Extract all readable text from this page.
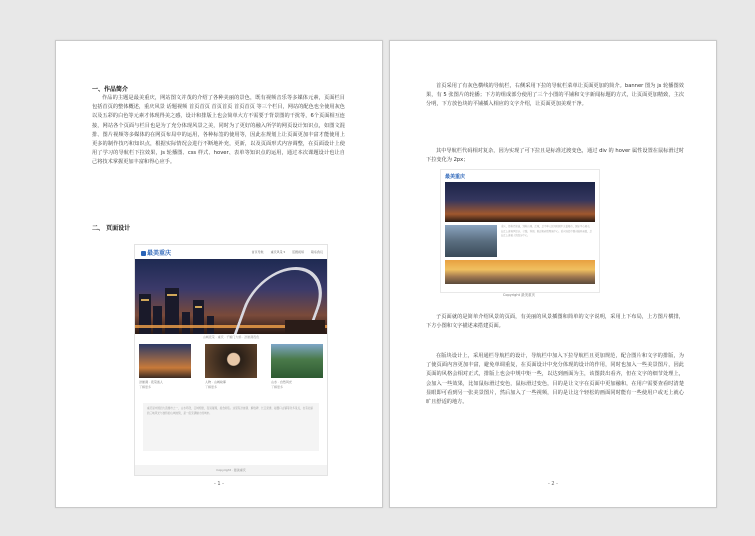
一、作品简介

作品的主题是最美重庆，网站图文并茂的介绍了各种美丽的景色，既有视频音乐等多媒体元素，页面栏目包括首页的整体概述，重庆风景 话题视频 首页首页 首页首页 首页首页 等三个栏目，网站的配色也全使用灰色以及五彩的白色等元素才体现得美之感，设计和排版上也会简单大方不需要于背景图的干扰等，6个页面相互连接，网站各个页面与栏目也是为了充分体现风景之美，同时为了更好的融入所学的网页设计知识点，如图文混排、图片视频等多媒体的在网页布局中的运用，各种标签的使用等，因此在规划上让页面更加丰富才能使用上更多的制作技巧和知识点，根据实际情况会进行不断地补充，更新，以及页面形式内容调整，在页面设计上使用了学习的导航栏下拉效果，js 轮播图、css 样式、hover、表单等知识点的运用，通过本次课题设计也让自己将技术掌握更加丰富和得心应手。

二、 页面设计
最美重庆	首页导航 重庆风景 ▾ 话题视频 联系我们
山城夜景 · 重庆 · 千厮门大桥 · 洪崖洞夜色
洪崖洞 · 夜景迷人
了解更多
人物 · 山城故事
了解更多
山水 · 自然风光
了解更多
重庆是中国四大直辖市之一，山水环绕，江城相依，夜景璀璨，美食闻名。这里有洪崖洞、解放碑、长江索道、磁器口古镇等众多景点，也有壮丽的三峡风光与独特的山城地貌，是一座充满魅力的城市。
Copyright · 最美重庆
- 1 -

首页采用了有灰色横线的导航栏，右侧采用下拉的导航栏菜单让页面更加的简介。banner 图为 js 轮播图效果，有 5 张图片的轮播；下方的组成部分使用了三个小图的平铺和文字新闻标题的方式，让页面更加精致，主次分明，下方放色块的平铺插入相应的文字介绍，让页面更加美观干净。

其中导航栏代码相对复杂，因为实现了可下拉且是标准过渡变色，通过 div 的 hover 属性设置在鼠标滑过时下拉变化为 2px；

最美重庆
重庆，简称巴和渝，别称山城、江城，是中华人民共和国中央直辖市，国家中心城市，长江上游地区经济、金融、科创、航运和商贸物流中心。重庆地处中国内陆西南部，是长江上游最大的经济中心。
Copyright 最美重庆

子页面就的是简单介绍风景的页面，有美丽的风景插图和简单的文字说明，采用上下布局，上方图片横排，下方小图和文字描述来搭建页面。

在版块设计上，采用通栏导航栏的设计，导航栏中加入下拉导航栏且更加规范，配合图片和文字的排版，为了使页面内容更加丰富，避免单调重复，在页面设计中充分体现的设计的作用，同时也加入一些美景图片，因此页面的风格会相对正式，排版上也会中规中矩一些，以达到画面为主，该图鼓出看齐，但在文字的细节处理上，会加入一些效果，比如鼠标滑过变色，鼠标滑过变色，目的是让文字在页面中更加融和，在用户需要查看时清楚显眼即可看到另一张美景图片，然后加入了一些视频，目的是让这个轻松的画面同时能有一些使用户或无上就心旷且舒适的地方。

- 2 -
